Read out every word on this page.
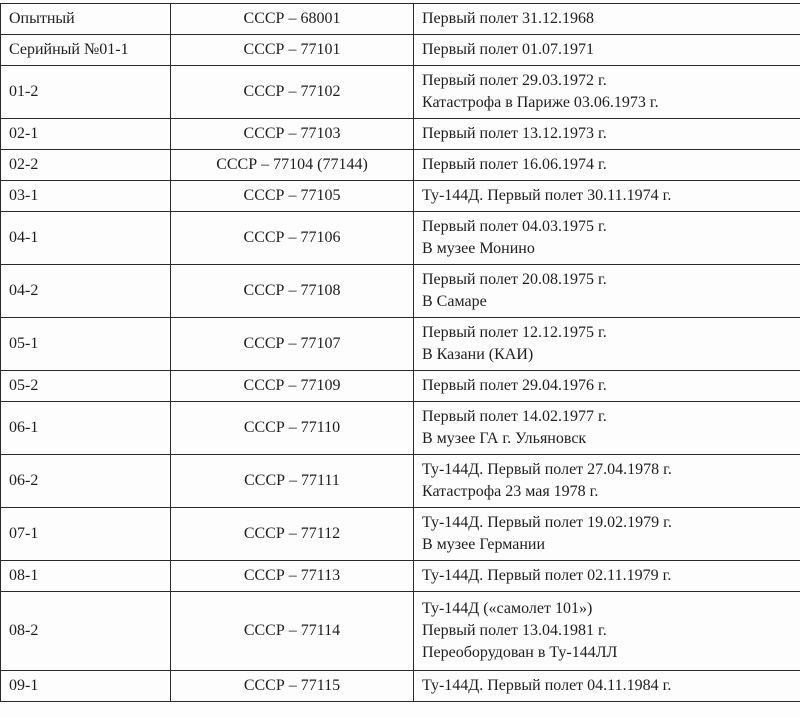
Опытный	СССР – 68001	Первый полет 31.12.1968

Серийный №01-1	СССР – 77101	Первый полет 01.07.1971

01-2	СССР – 77102	Первый полет 29.03.1972 г.
Катастрофа в Париже 03.06.1973 г.

02-1	СССР – 77103	Первый полет 13.12.1973 г.

02-2	СССР – 77104 (77144)	Первый полет 16.06.1974 г.

03-1	СССР – 77105	Ту-144Д. Первый полет 30.11.1974 г.

04-1	СССР – 77106	Первый полет 04.03.1975 г.
В музее Монино

04-2	СССР – 77108	Первый полет 20.08.1975 г.
В Самаре

05-1	СССР – 77107	Первый полет 12.12.1975 г.
В Казани (КАИ)

05-2	СССР – 77109	Первый полет 29.04.1976 г.

06-1	СССР – 77110	Первый полет 14.02.1977 г.
В музее ГА г. Ульяновск

06-2	СССР – 77111	Ту-144Д. Первый полет 27.04.1978 г.
Катастрофа 23 мая 1978 г.

07-1	СССР – 77112	Ту-144Д. Первый полет 19.02.1979 г.
В музее Германии

08-1	СССР – 77113	Ту-144Д. Первый полет 02.11.1979 г.

08-2	СССР – 77114	Ту-144Д («самолет 101»)
Первый полет 13.04.1981 г.
Переоборудован в Ту-144ЛЛ

09-1	СССР – 77115	Ту-144Д. Первый полет 04.11.1984 г.
